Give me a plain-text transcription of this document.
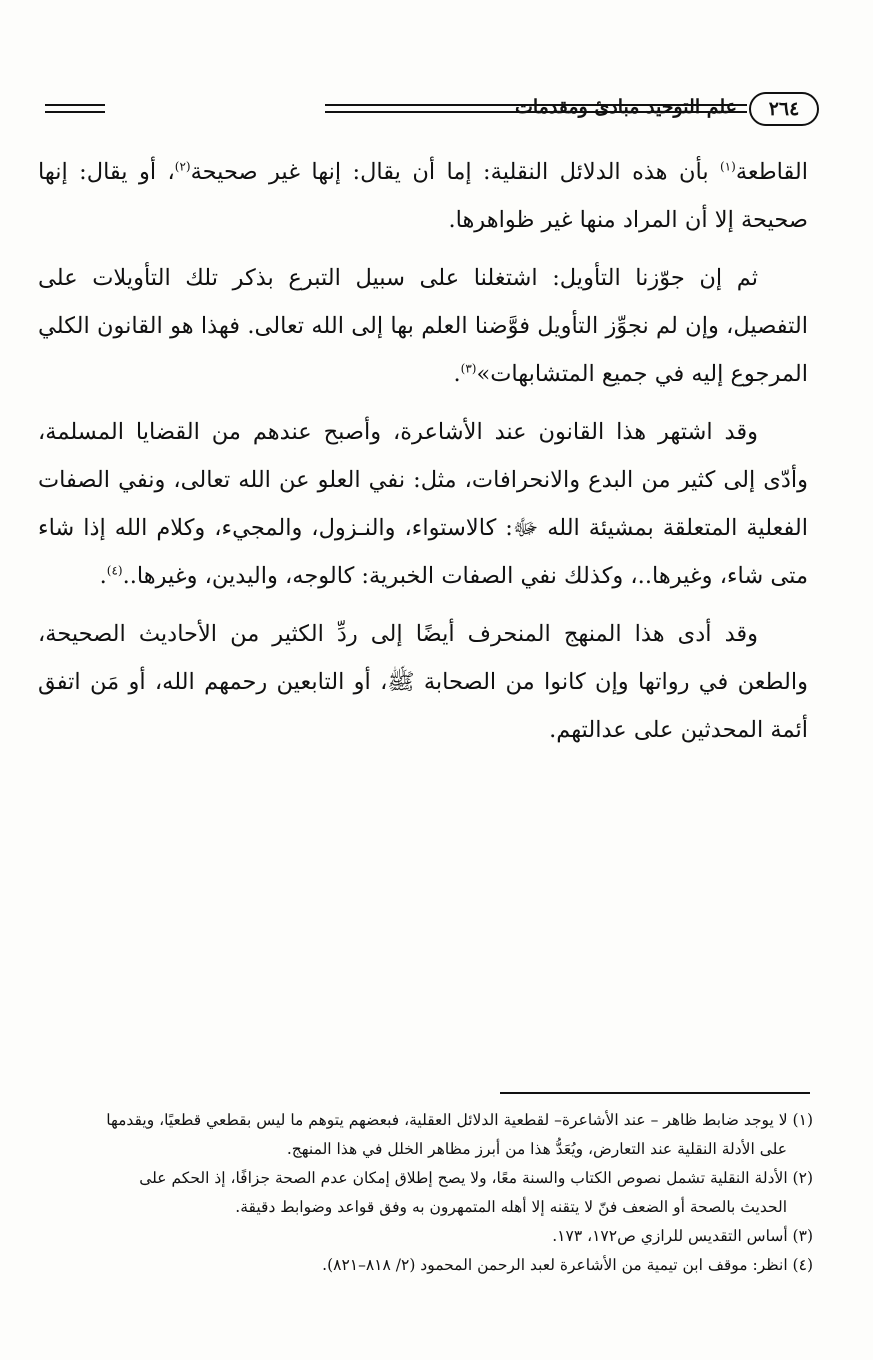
علم التوحيد مبادئ ومقدمات	٢٦٤

القاطعة$^{(١)}$ بأن هذه الدلائل النقلية: إما أن يقال: إنها غير صحيحة$^{(٢)}$، أو يقال: إنها صحيحة إلا أن المراد منها غير ظواهرها.

ثم إن جوّزنا التأويل: اشتغلنا على سبيل التبرع بذكر تلك التأويلات على التفصيل، وإن لم نجوِّز التأويل فوَّضنا العلم بها إلى الله تعالى. فهذا هو القانون الكلي المرجوع إليه في جميع المتشابهات»$^{(٣)}$.

وقد اشتهر هذا القانون عند الأشاعرة، وأصبح عندهم من القضايا المسلمة، وأدّى إلى كثير من البدع والانحرافات، مثل: نفي العلو عن الله تعالى، ونفي الصفات الفعلية المتعلقة بمشيئة الله ﷻ: كالاستواء، والنـزول، والمجيء، وكلام الله إذا شاء متى شاء، وغيرها..، وكذلك نفي الصفات الخبرية: كالوجه، واليدين، وغيرها..$^{(٤)}$.

وقد أدى هذا المنهج المنحرف أيضًا إلى ردِّ الكثير من الأحاديث الصحيحة، والطعن في رواتها وإن كانوا من الصحابة ﷺ، أو التابعين رحمهم الله، أو مَن اتفق أئمة المحدثين على عدالتهم.

(١) لا يوجد ضابط ظاهر – عند الأشاعرة– لقطعية الدلائل العقلية، فبعضهم يتوهم ما ليس بقطعي قطعيًا، ويقدمها

على الأدلة النقلية عند التعارض، ويُعَدُّ هذا من أبرز مظاهر الخلل في هذا المنهج.

(٢) الأدلة النقلية تشمل نصوص الكتاب والسنة معًا، ولا يصح إطلاق إمكان عدم الصحة جزافًا، إذ الحكم على

الحديث بالصحة أو الضعف فنّ لا يتقنه إلا أهله المتمهرون به وفق قواعد وضوابط دقيقة.

(٣) أساس التقديس للرازي ص١٧٢، ١٧٣.

(٤) انظر: موقف ابن تيمية من الأشاعرة لعبد الرحمن المحمود (٢/ ٨١٨–٨٢١).
